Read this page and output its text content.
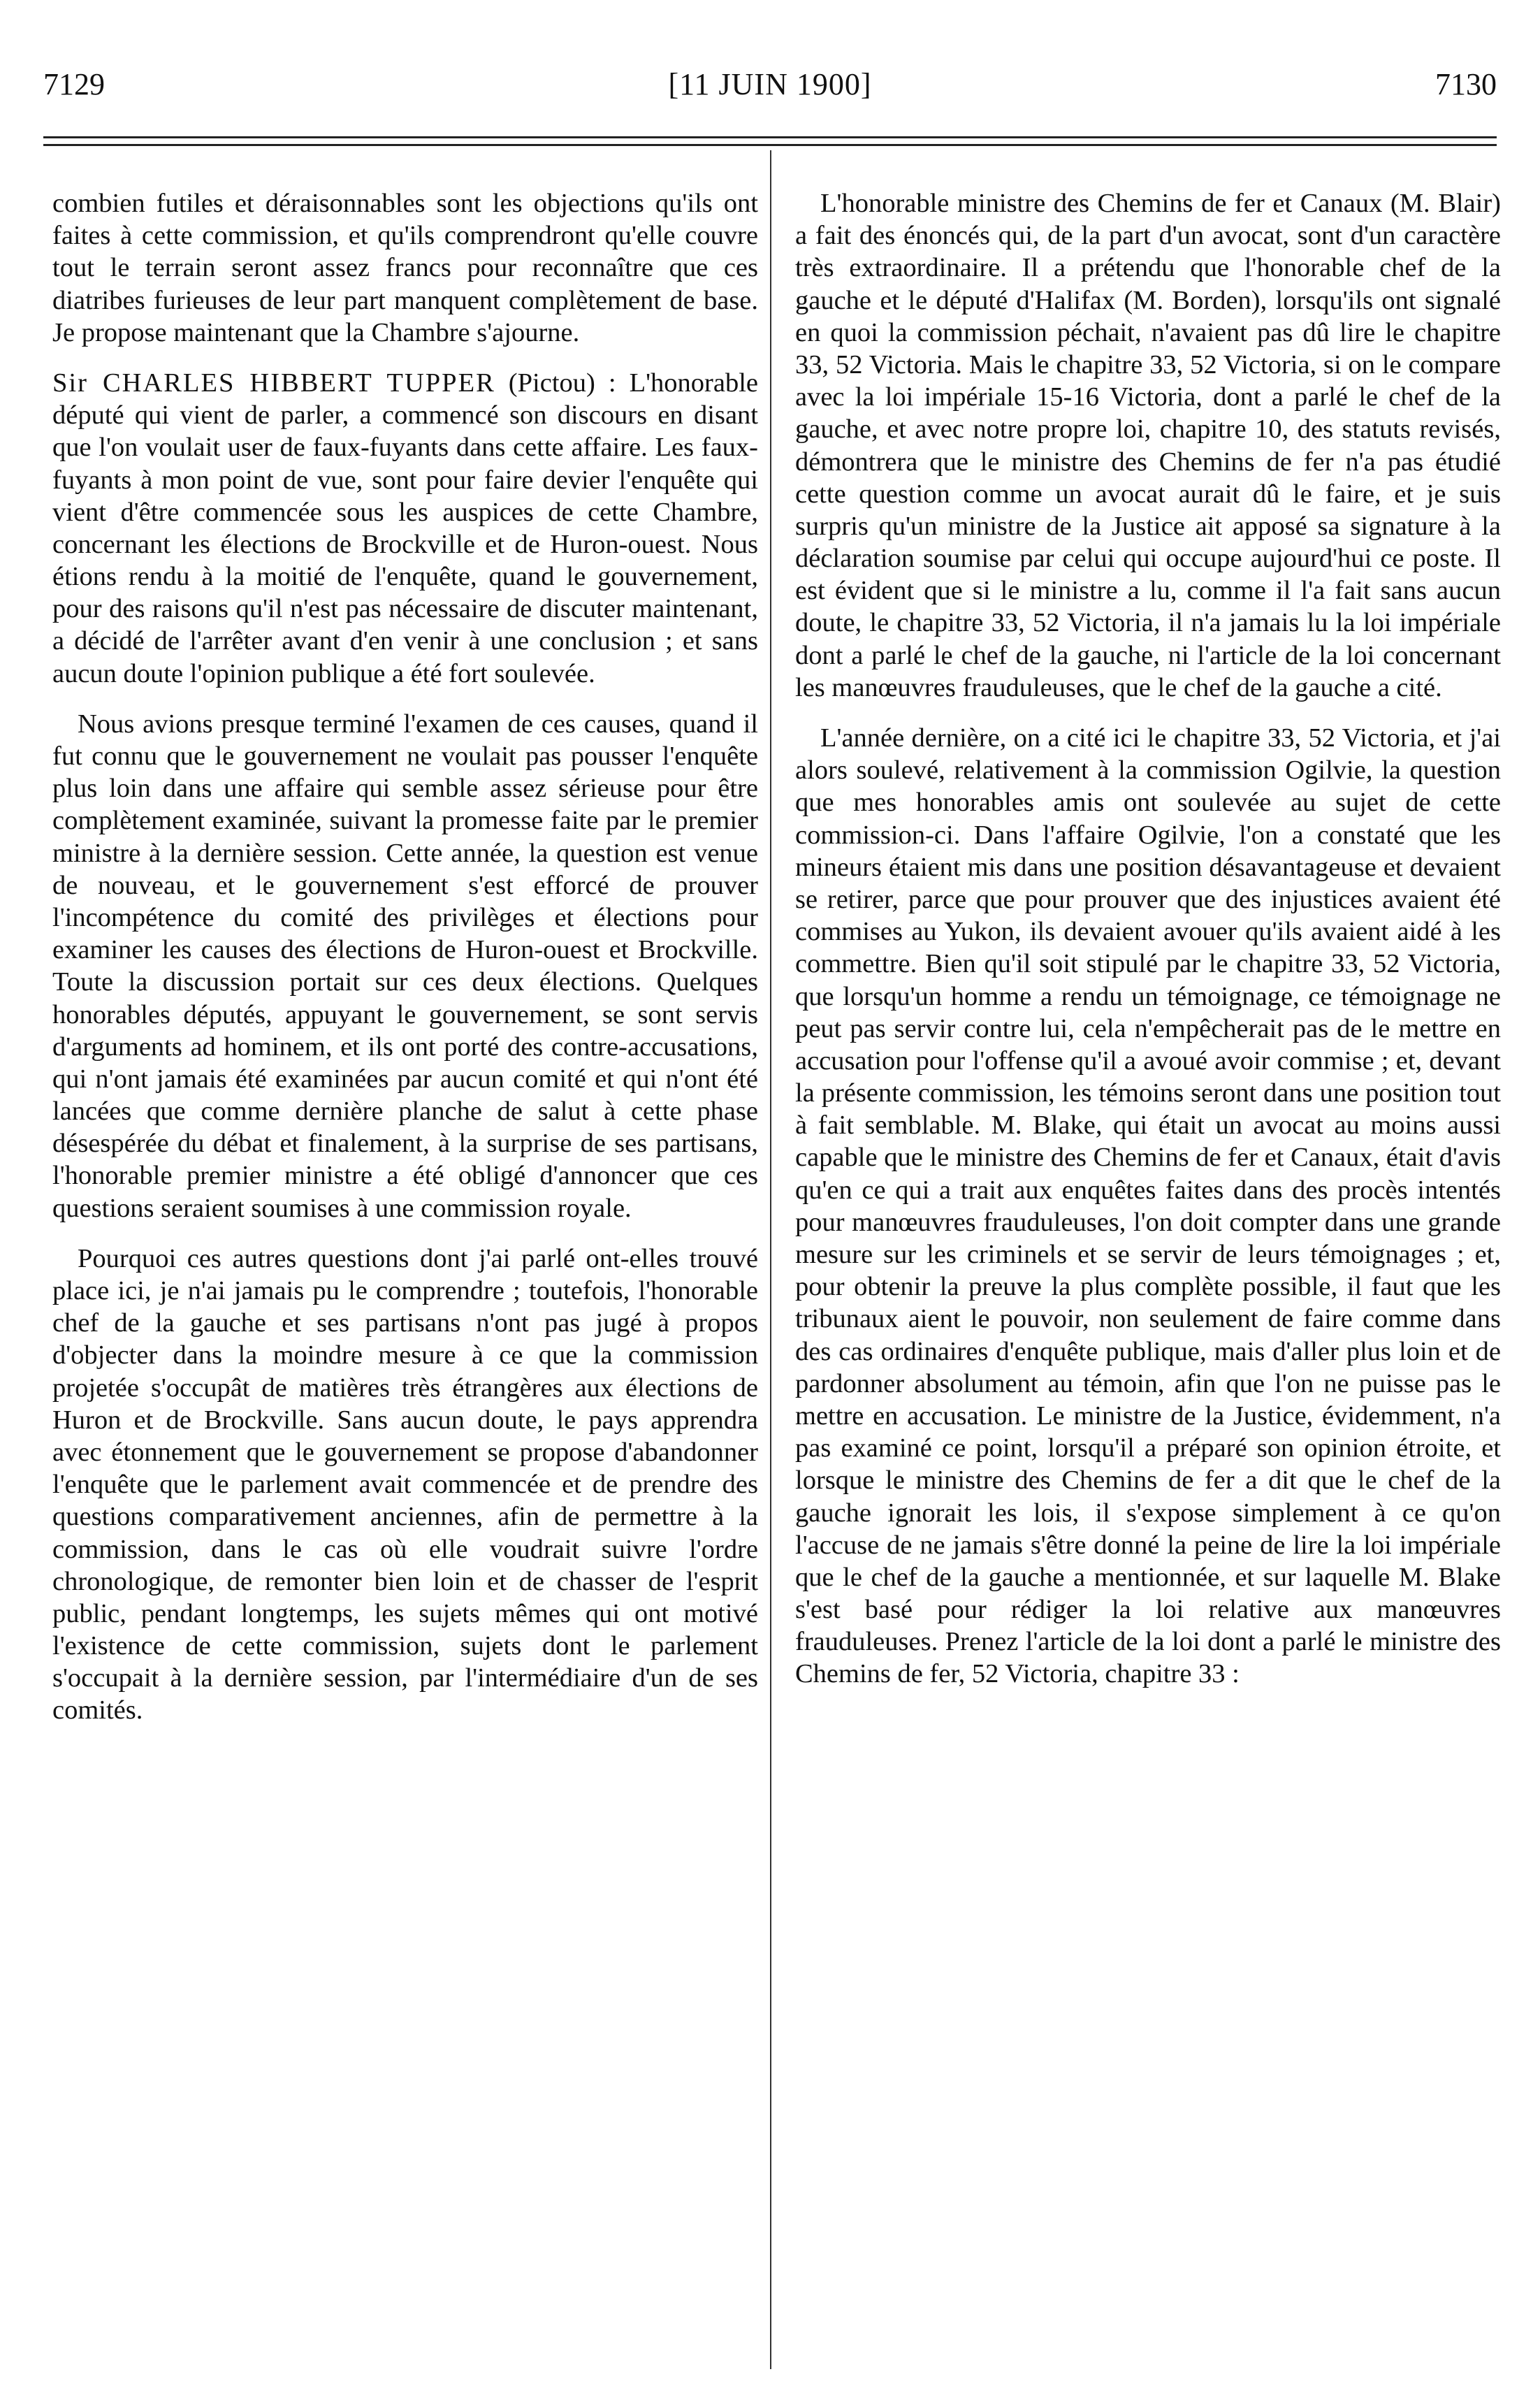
7129	[11 JUIN 1900]	7130

combien futiles et déraisonnables sont les objections qu'ils ont faites à cette commission, et qu'ils comprendront qu'elle couvre tout le terrain seront assez francs pour reconnaître que ces diatribes furieuses de leur part manquent complètement de base. Je propose maintenant que la Chambre s'ajourne.

Sir CHARLES HIBBERT TUPPER (Pictou) : L'honorable député qui vient de parler, a commencé son discours en disant que l'on voulait user de faux-fuyants dans cette affaire. Les faux-fuyants à mon point de vue, sont pour faire devier l'enquête qui vient d'être commencée sous les auspices de cette Chambre, concernant les élections de Brockville et de Huron-ouest. Nous étions rendu à la moitié de l'enquête, quand le gouvernement, pour des raisons qu'il n'est pas nécessaire de discuter maintenant, a décidé de l'arrêter avant d'en venir à une conclusion ; et sans aucun doute l'opinion publique a été fort soulevée.

Nous avions presque terminé l'examen de ces causes, quand il fut connu que le gouvernement ne voulait pas pousser l'enquête plus loin dans une affaire qui semble assez sérieuse pour être complètement examinée, suivant la promesse faite par le premier ministre à la dernière session. Cette année, la question est venue de nouveau, et le gouvernement s'est efforcé de prouver l'incompétence du comité des privilèges et élections pour examiner les causes des élections de Huron-ouest et Brockville. Toute la discussion portait sur ces deux élections. Quelques honorables députés, appuyant le gouvernement, se sont servis d'arguments ad hominem, et ils ont porté des contre-accusations, qui n'ont jamais été examinées par aucun comité et qui n'ont été lancées que comme dernière planche de salut à cette phase désespérée du débat et finalement, à la surprise de ses partisans, l'honorable premier ministre a été obligé d'annoncer que ces questions seraient soumises à une commission royale.

Pourquoi ces autres questions dont j'ai parlé ont-elles trouvé place ici, je n'ai jamais pu le comprendre ; toutefois, l'honorable chef de la gauche et ses partisans n'ont pas jugé à propos d'objecter dans la moindre mesure à ce que la commission projetée s'occupât de matières très étrangères aux élections de Huron et de Brockville. Sans aucun doute, le pays apprendra avec étonnement que le gouvernement se propose d'abandonner l'enquête que le parlement avait commencée et de prendre des questions comparativement anciennes, afin de permettre à la commission, dans le cas où elle voudrait suivre l'ordre chronologique, de remonter bien loin et de chasser de l'esprit public, pendant longtemps, les sujets mêmes qui ont motivé l'existence de cette commission, sujets dont le parlement s'occupait à la dernière session, par l'intermédiaire d'un de ses comités.

L'honorable ministre des Chemins de fer et Canaux (M. Blair) a fait des énoncés qui, de la part d'un avocat, sont d'un caractère très extraordinaire. Il a prétendu que l'honorable chef de la gauche et le député d'Halifax (M. Borden), lorsqu'ils ont signalé en quoi la commission péchait, n'avaient pas dû lire le chapitre 33, 52 Victoria. Mais le chapitre 33, 52 Victoria, si on le compare avec la loi impériale 15-16 Victoria, dont a parlé le chef de la gauche, et avec notre propre loi, chapitre 10, des statuts revisés, démontrera que le ministre des Chemins de fer n'a pas étudié cette question comme un avocat aurait dû le faire, et je suis surpris qu'un ministre de la Justice ait apposé sa signature à la déclaration soumise par celui qui occupe aujourd'hui ce poste. Il est évident que si le ministre a lu, comme il l'a fait sans aucun doute, le chapitre 33, 52 Victoria, il n'a jamais lu la loi impériale dont a parlé le chef de la gauche, ni l'article de la loi concernant les manœuvres frauduleuses, que le chef de la gauche a cité.

L'année dernière, on a cité ici le chapitre 33, 52 Victoria, et j'ai alors soulevé, relativement à la commission Ogilvie, la question que mes honorables amis ont soulevée au sujet de cette commission-ci. Dans l'affaire Ogilvie, l'on a constaté que les mineurs étaient mis dans une position désavantageuse et devaient se retirer, parce que pour prouver que des injustices avaient été commises au Yukon, ils devaient avouer qu'ils avaient aidé à les commettre. Bien qu'il soit stipulé par le chapitre 33, 52 Victoria, que lorsqu'un homme a rendu un témoignage, ce témoignage ne peut pas servir contre lui, cela n'empêcherait pas de le mettre en accusation pour l'offense qu'il a avoué avoir commise ; et, devant la présente commission, les témoins seront dans une position tout à fait semblable. M. Blake, qui était un avocat au moins aussi capable que le ministre des Chemins de fer et Canaux, était d'avis qu'en ce qui a trait aux enquêtes faites dans des procès intentés pour manœuvres frauduleuses, l'on doit compter dans une grande mesure sur les criminels et se servir de leurs témoignages ; et, pour obtenir la preuve la plus complète possible, il faut que les tribunaux aient le pouvoir, non seulement de faire comme dans des cas ordinaires d'enquête publique, mais d'aller plus loin et de pardonner absolument au témoin, afin que l'on ne puisse pas le mettre en accusation. Le ministre de la Justice, évidemment, n'a pas examiné ce point, lorsqu'il a préparé son opinion étroite, et lorsque le ministre des Chemins de fer a dit que le chef de la gauche ignorait les lois, il s'expose simplement à ce qu'on l'accuse de ne jamais s'être donné la peine de lire la loi impériale que le chef de la gauche a mentionnée, et sur laquelle M. Blake s'est basé pour rédiger la loi relative aux manœuvres frauduleuses. Prenez l'article de la loi dont a parlé le ministre des Chemins de fer, 52 Victoria, chapitre 33 :
